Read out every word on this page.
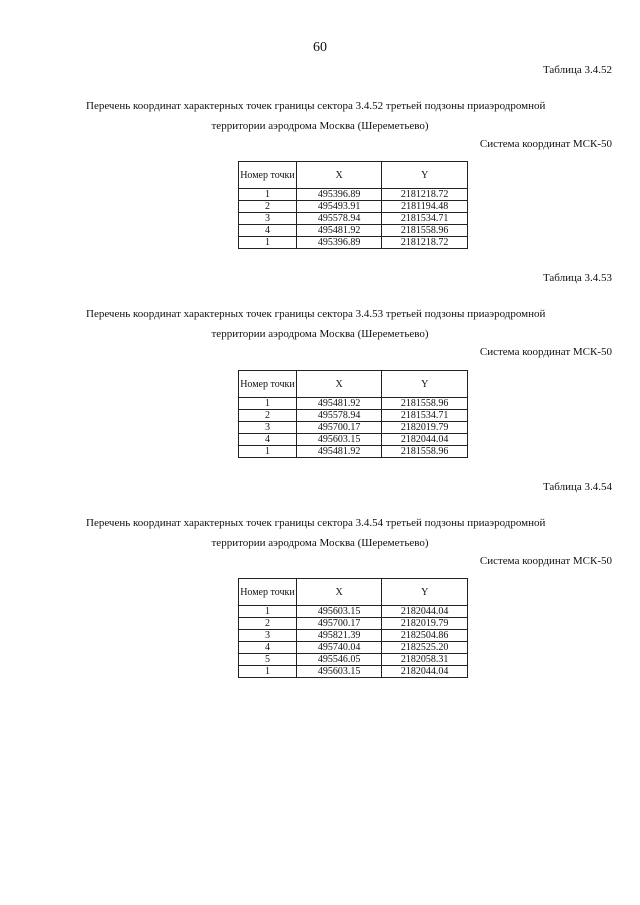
60
Таблица 3.4.52
Перечень координат характерных точек границы сектора 3.4.52 третьей подзоны приаэродромной
территории аэродрома Москва (Шереметьево)
Система координат МСК-50
Номер точки	X	Y
1	495396.89	2181218.72
2	495493.91	2181194.48
3	495578.94	2181534.71
4	495481.92	2181558.96
1	495396.89	2181218.72
Таблица 3.4.53
Перечень координат характерных точек границы сектора 3.4.53 третьей подзоны приаэродромной
территории аэродрома Москва (Шереметьево)
Система координат МСК-50
Номер точки	X	Y
1	495481.92	2181558.96
2	495578.94	2181534.71
3	495700.17	2182019.79
4	495603.15	2182044.04
1	495481.92	2181558.96
Таблица 3.4.54
Перечень координат характерных точек границы сектора 3.4.54 третьей подзоны приаэродромной
территории аэродрома Москва (Шереметьево)
Система координат МСК-50
Номер точки	X	Y
1	495603.15	2182044.04
2	495700.17	2182019.79
3	495821.39	2182504.86
4	495740.04	2182525.20
5	495546.05	2182058.31
1	495603.15	2182044.04
